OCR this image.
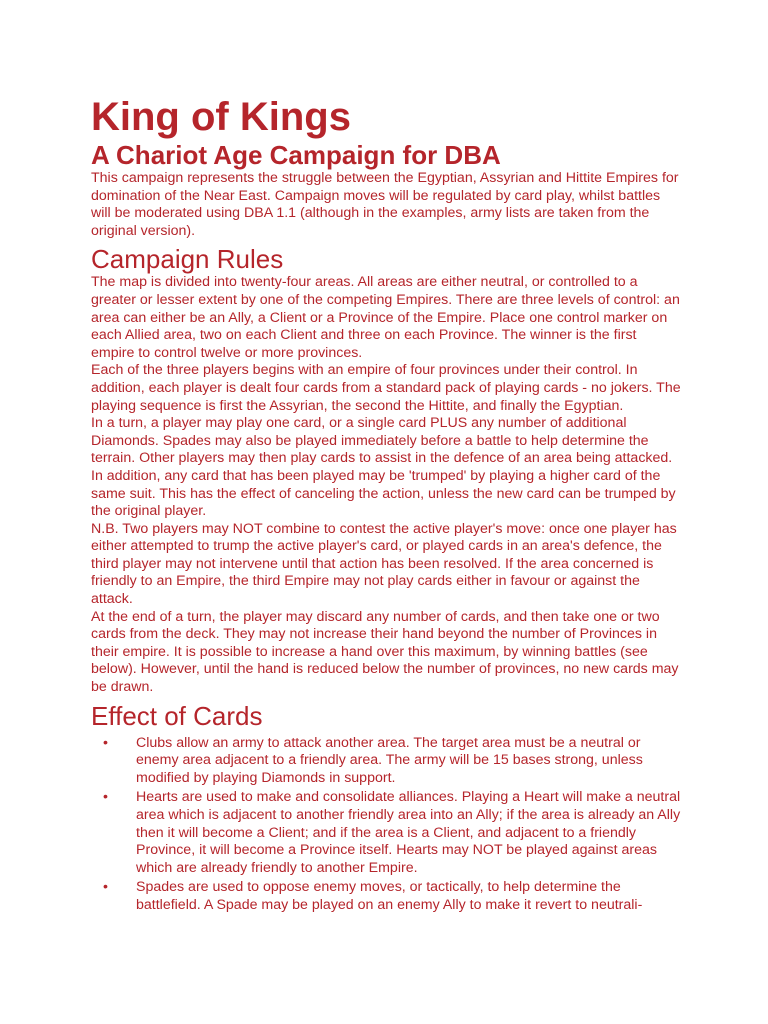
King of Kings
A Chariot Age Campaign for DBA

This campaign represents the struggle between the Egyptian, Assyrian and Hittite Empires for domination of the Near East. Campaign moves will be regulated by card play, whilst battles will be moderated using DBA 1.1 (although in the examples, army lists are taken from the original version).

Campaign Rules

The map is divided into twenty-four areas. All areas are either neutral, or controlled to a greater or lesser extent by one of the competing Empires. There are three levels of control: an area can either be an Ally, a Client or a Province of the Empire. Place one control marker on each Allied area, two on each Client and three on each Province. The winner is the first empire to control twelve or more provinces.

Each of the three players begins with an empire of four provinces under their control. In addition, each player is dealt four cards from a standard pack of playing cards - no jokers. The playing sequence is first the Assyrian, the second the Hittite, and finally the Egyptian.

In a turn, a player may play one card, or a single card PLUS any number of additional Diamonds. Spades may also be played immediately before a battle to help determine the terrain. Other players may then play cards to assist in the defence of an area being attacked. In addition, any card that has been played may be 'trumped' by playing a higher card of the same suit. This has the effect of canceling the action, unless the new card can be trumped by the original player.

N.B. Two players may NOT combine to contest the active player's move: once one player has either attempted to trump the active player's card, or played cards in an area's defence, the third player may not intervene until that action has been resolved. If the area concerned is friendly to an Empire, the third Empire may not play cards either in favour or against the attack.

At the end of a turn, the player may discard any number of cards, and then take one or two cards from the deck. They may not increase their hand beyond the number of Provinces in their empire. It is possible to increase a hand over this maximum, by winning battles (see below). However, until the hand is reduced below the number of provinces, no new cards may be drawn.

Effect of Cards
• Clubs allow an army to attack another area. The target area must be a neutral or enemy area adjacent to a friendly area. The army will be 15 bases strong, unless modified by playing Diamonds in support.
• Hearts are used to make and consolidate alliances. Playing a Heart will make a neutral area which is adjacent to another friendly area into an Ally; if the area is already an Ally then it will become a Client; and if the area is a Client, and adjacent to a friendly Province, it will become a Province itself. Hearts may NOT be played against areas which are already friendly to another Empire.
• Spades are used to oppose enemy moves, or tactically, to help determine the battlefield. A Spade may be played on an enemy Ally to make it revert to neutrali-
